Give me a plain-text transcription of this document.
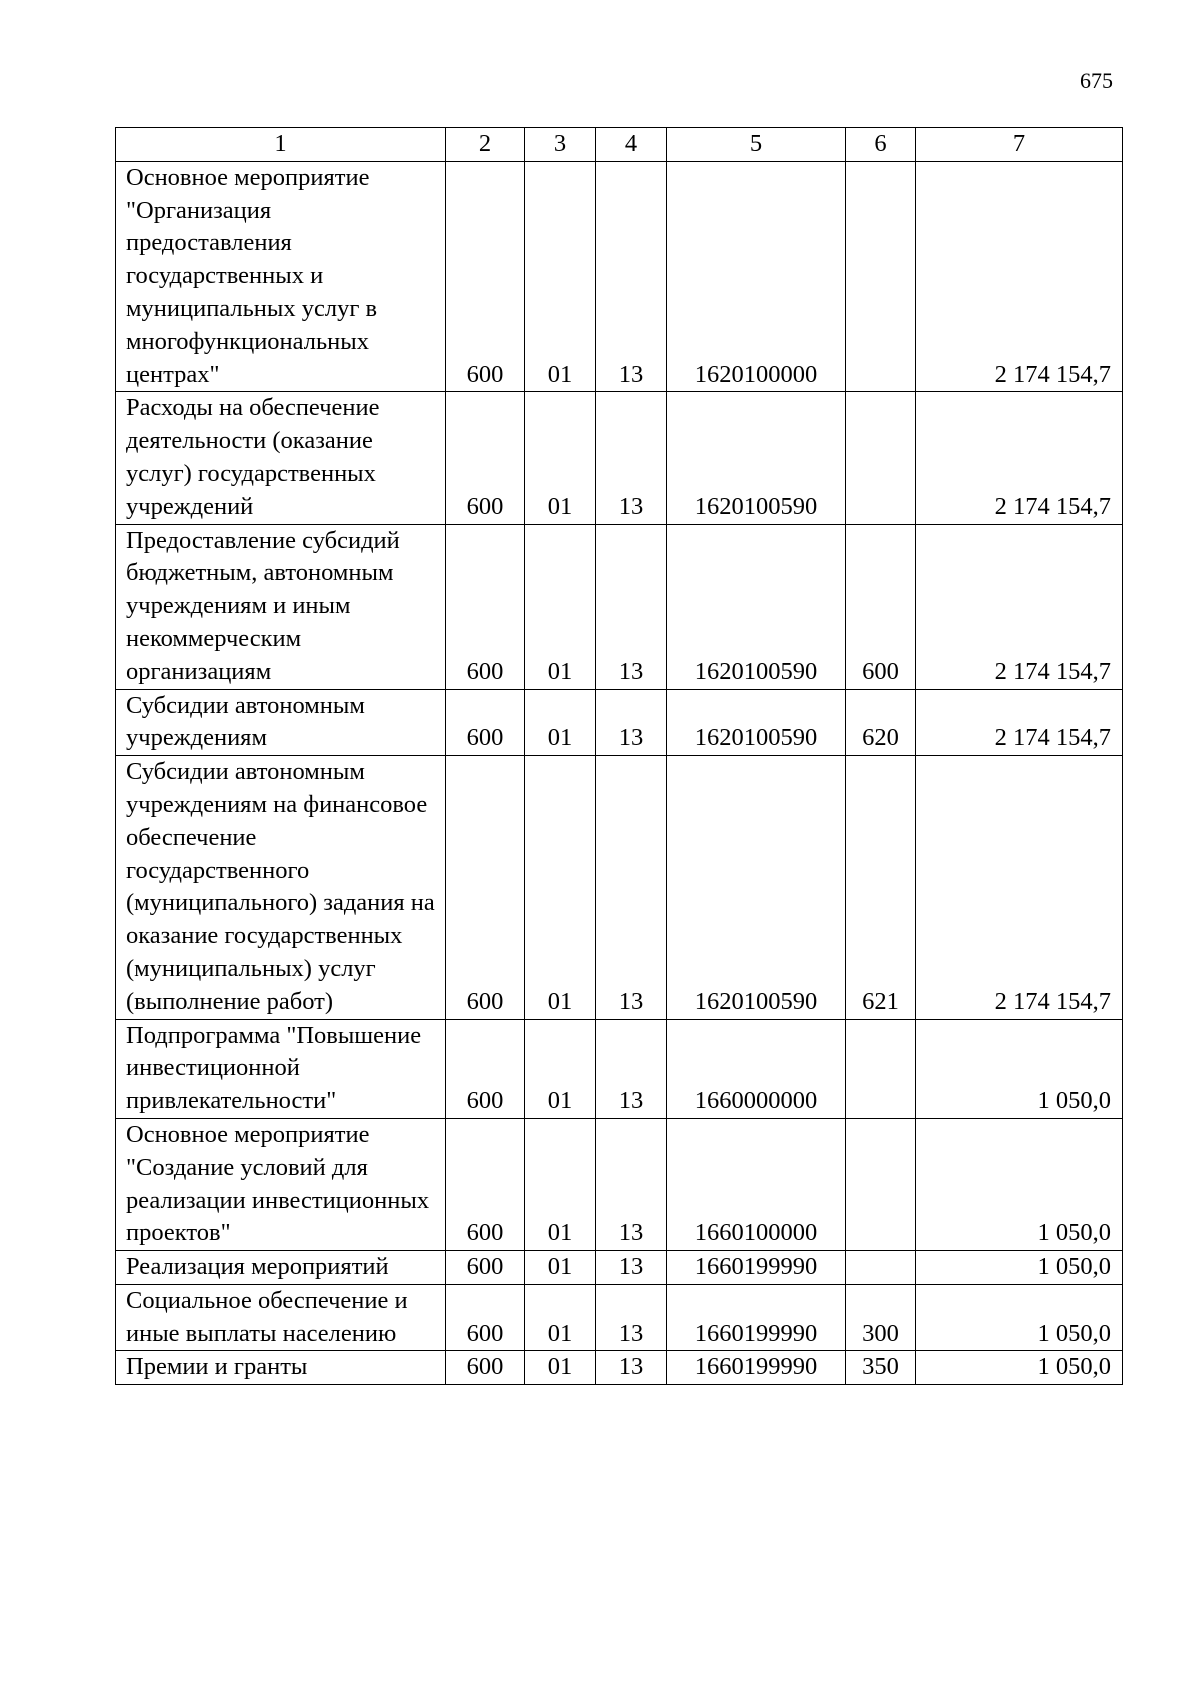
675
1	2	3	4	5	6	7
Основное мероприятие "Организация предоставления государственных и муниципальных услуг в многофункциональных центрах"	600	01	13	1620100000		2 174 154,7
Расходы на обеспечение деятельности (оказание услуг) государственных учреждений	600	01	13	1620100590		2 174 154,7
Предоставление субсидий бюджетным, автономным учреждениям и иным некоммерческим организациям	600	01	13	1620100590	600	2 174 154,7
Субсидии автономным учреждениям	600	01	13	1620100590	620	2 174 154,7
Субсидии автономным учреждениям на финансовое обеспечение государственного (муниципального) задания на оказание государственных (муниципальных) услуг (выполнение работ)	600	01	13	1620100590	621	2 174 154,7
Подпрограмма "Повышение инвестиционной привлекательности"	600	01	13	1660000000		1 050,0
Основное мероприятие "Создание условий для реализации инвестиционных проектов"	600	01	13	1660100000		1 050,0
Реализация мероприятий	600	01	13	1660199990		1 050,0
Социальное обеспечение и иные выплаты населению	600	01	13	1660199990	300	1 050,0
Премии и гранты	600	01	13	1660199990	350	1 050,0
